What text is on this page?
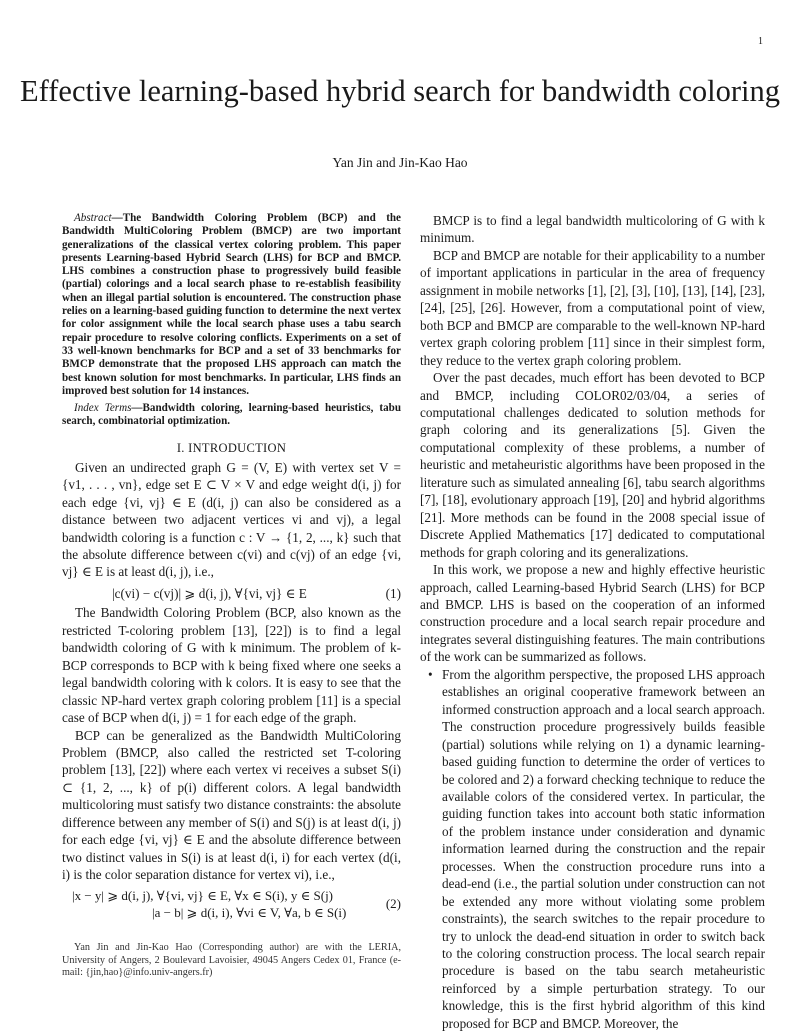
1
Effective learning-based hybrid search for bandwidth coloring
Yan Jin and Jin-Kao Hao

Abstract—The Bandwidth Coloring Problem (BCP) and the Bandwidth MultiColoring Problem (BMCP) are two important generalizations of the classical vertex coloring problem. This paper presents Learning-based Hybrid Search (LHS) for BCP and BMCP. LHS combines a construction phase to progressively build feasible (partial) colorings and a local search phase to re-establish feasibility when an illegal partial solution is encountered. The construction phase relies on a learning-based guiding function to determine the next vertex for color assignment while the local search phase uses a tabu search repair procedure to resolve coloring conflicts. Experiments on a set of 33 well-known benchmarks for BCP and a set of 33 benchmarks for BMCP demonstrate that the proposed LHS approach can match the best known solution for most benchmarks. In particular, LHS finds an improved best solution for 14 instances.

Index Terms—Bandwidth coloring, learning-based heuristics, tabu search, combinatorial optimization.

I. INTRODUCTION

Given an undirected graph G = (V, E) with vertex set V = {v1, . . . , vn}, edge set E ⊂ V × V and edge weight d(i, j) for each edge {vi, vj} ∈ E (d(i, j) can also be considered as a distance between two adjacent vertices vi and vj), a legal bandwidth coloring is a function c : V → {1, 2, ..., k} such that the absolute difference between c(vi) and c(vj) of an edge {vi, vj} ∈ E is at least d(i, j), i.e.,

|c(vi) − c(vj)| ⩾ d(i, j), ∀{vi, vj} ∈ E	(1)

The Bandwidth Coloring Problem (BCP, also known as the restricted T-coloring problem [13], [22]) is to find a legal bandwidth coloring of G with k minimum. The problem of k-BCP corresponds to BCP with k being fixed where one seeks a legal bandwidth coloring with k colors. It is easy to see that the classic NP-hard vertex graph coloring problem [11] is a special case of BCP when d(i, j) = 1 for each edge of the graph.

BCP can be generalized as the Bandwidth MultiColoring Problem (BMCP, also called the restricted set T-coloring problem [13], [22]) where each vertex vi receives a subset S(i) ⊂ {1, 2, ..., k} of p(i) different colors. A legal bandwidth multicoloring must satisfy two distance constraints: the absolute difference between any member of S(i) and S(j) is at least d(i, j) for each edge {vi, vj} ∈ E and the absolute difference between two distinct values in S(i) is at least d(i, i) for each vertex (d(i, i) is the color separation distance for vertex vi), i.e.,

|x − y| ⩾ d(i, j), ∀{vi, vj} ∈ E, ∀x ∈ S(i), y ∈ S(j)
|a − b| ⩾ d(i, i), ∀vi ∈ V, ∀a, b ∈ S(i)
(2)
Yan Jin and Jin-Kao Hao (Corresponding author) are with the LERIA, University of Angers, 2 Boulevard Lavoisier, 49045 Angers Cedex 01, France (e-mail: {jin,hao}@info.univ-angers.fr)

BMCP is to find a legal bandwidth multicoloring of G with k minimum.

BCP and BMCP are notable for their applicability to a number of important applications in particular in the area of frequency assignment in mobile networks [1], [2], [3], [10], [13], [14], [23], [24], [25], [26]. However, from a computational point of view, both BCP and BMCP are comparable to the well-known NP-hard vertex graph coloring problem [11] since in their simplest form, they reduce to the vertex graph coloring problem.

Over the past decades, much effort has been devoted to BCP and BMCP, including COLOR02/03/04, a series of computational challenges dedicated to solution methods for graph coloring and its generalizations [5]. Given the computational complexity of these problems, a number of heuristic and metaheuristic algorithms have been proposed in the literature such as simulated annealing [6], tabu search algorithms [7], [18], evolutionary approach [19], [20] and hybrid algorithms [21]. More methods can be found in the 2008 special issue of Discrete Applied Mathematics [17] dedicated to computational methods for graph coloring and its generalizations.

In this work, we propose a new and highly effective heuristic approach, called Learning-based Hybrid Search (LHS) for BCP and BMCP. LHS is based on the cooperation of an informed construction procedure and a local search repair procedure and integrates several distinguishing features. The main contributions of the work can be summarized as follows.

• From the algorithm perspective, the proposed LHS approach establishes an original cooperative framework between an informed construction approach and a local search approach. The construction procedure progressively builds feasible (partial) solutions while relying on 1) a dynamic learning-based guiding function to determine the order of vertices to be colored and 2) a forward checking technique to reduce the available colors of the considered vertex. In particular, the guiding function takes into account both static information of the problem instance under consideration and dynamic information learned during the construction and the repair processes. When the construction procedure runs into a dead-end (i.e., the partial solution under construction can not be extended any more without violating some problem constraints), the search switches to the repair procedure to try to unlock the dead-end situation in order to switch back to the coloring construction process. The local search repair procedure is based on the tabu search metaheuristic reinforced by a simple perturbation strategy. To our knowledge, this is the first hybrid algorithm of this kind proposed for BCP and BMCP. Moreover, the
